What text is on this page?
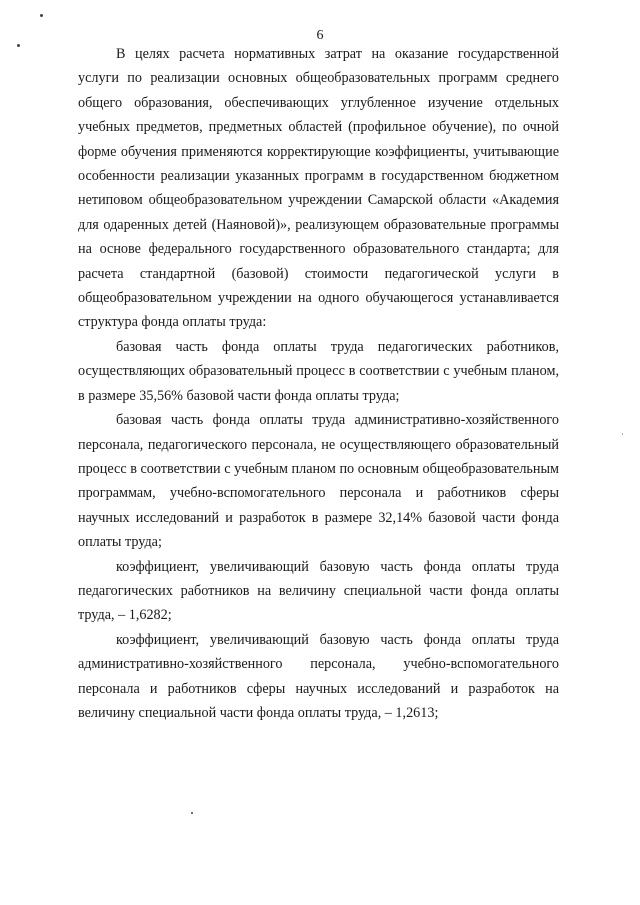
6

В целях расчета нормативных затрат на оказание государственной услуги по реализации основных общеобразовательных программ среднего общего образования, обеспечивающих углубленное изучение отдельных учебных предметов, предметных областей (профильное обучение), по очной форме обучения применяются корректирующие коэффициенты, учитывающие особенности реализации указанных программ в государственном бюджетном нетиповом общеобразовательном учреждении Самарской области «Академия для одаренных детей (Наяновой)», реализующем образовательные программы на основе федерального государственного образовательного стандарта; для расчета стандартной (базовой) стоимости педагогической услуги в общеобразовательном учреждении на одного обучающегося устанавливается структура фонда оплаты труда:

базовая часть фонда оплаты труда педагогических работников, осуществляющих образовательный процесс в соответствии с учебным планом, в размере 35,56% базовой части фонда оплаты труда;

базовая часть фонда оплаты труда административно-хозяйственного персонала, педагогического персонала, не осуществляющего образовательный процесс в соответствии с учебным планом по основным общеобразовательным программам, учебно-вспомогательного персонала и работников сферы научных исследований и разработок в размере 32,14% базовой части фонда оплаты труда;

коэффициент, увеличивающий базовую часть фонда оплаты труда педагогических работников на величину специальной части фонда оплаты труда, – 1,6282;

коэффициент, увеличивающий базовую часть фонда оплаты труда административно-хозяйственного персонала, учебно-вспомогательного персонала и работников сферы научных исследований и разработок на величину специальной части фонда оплаты труда, – 1,2613;
